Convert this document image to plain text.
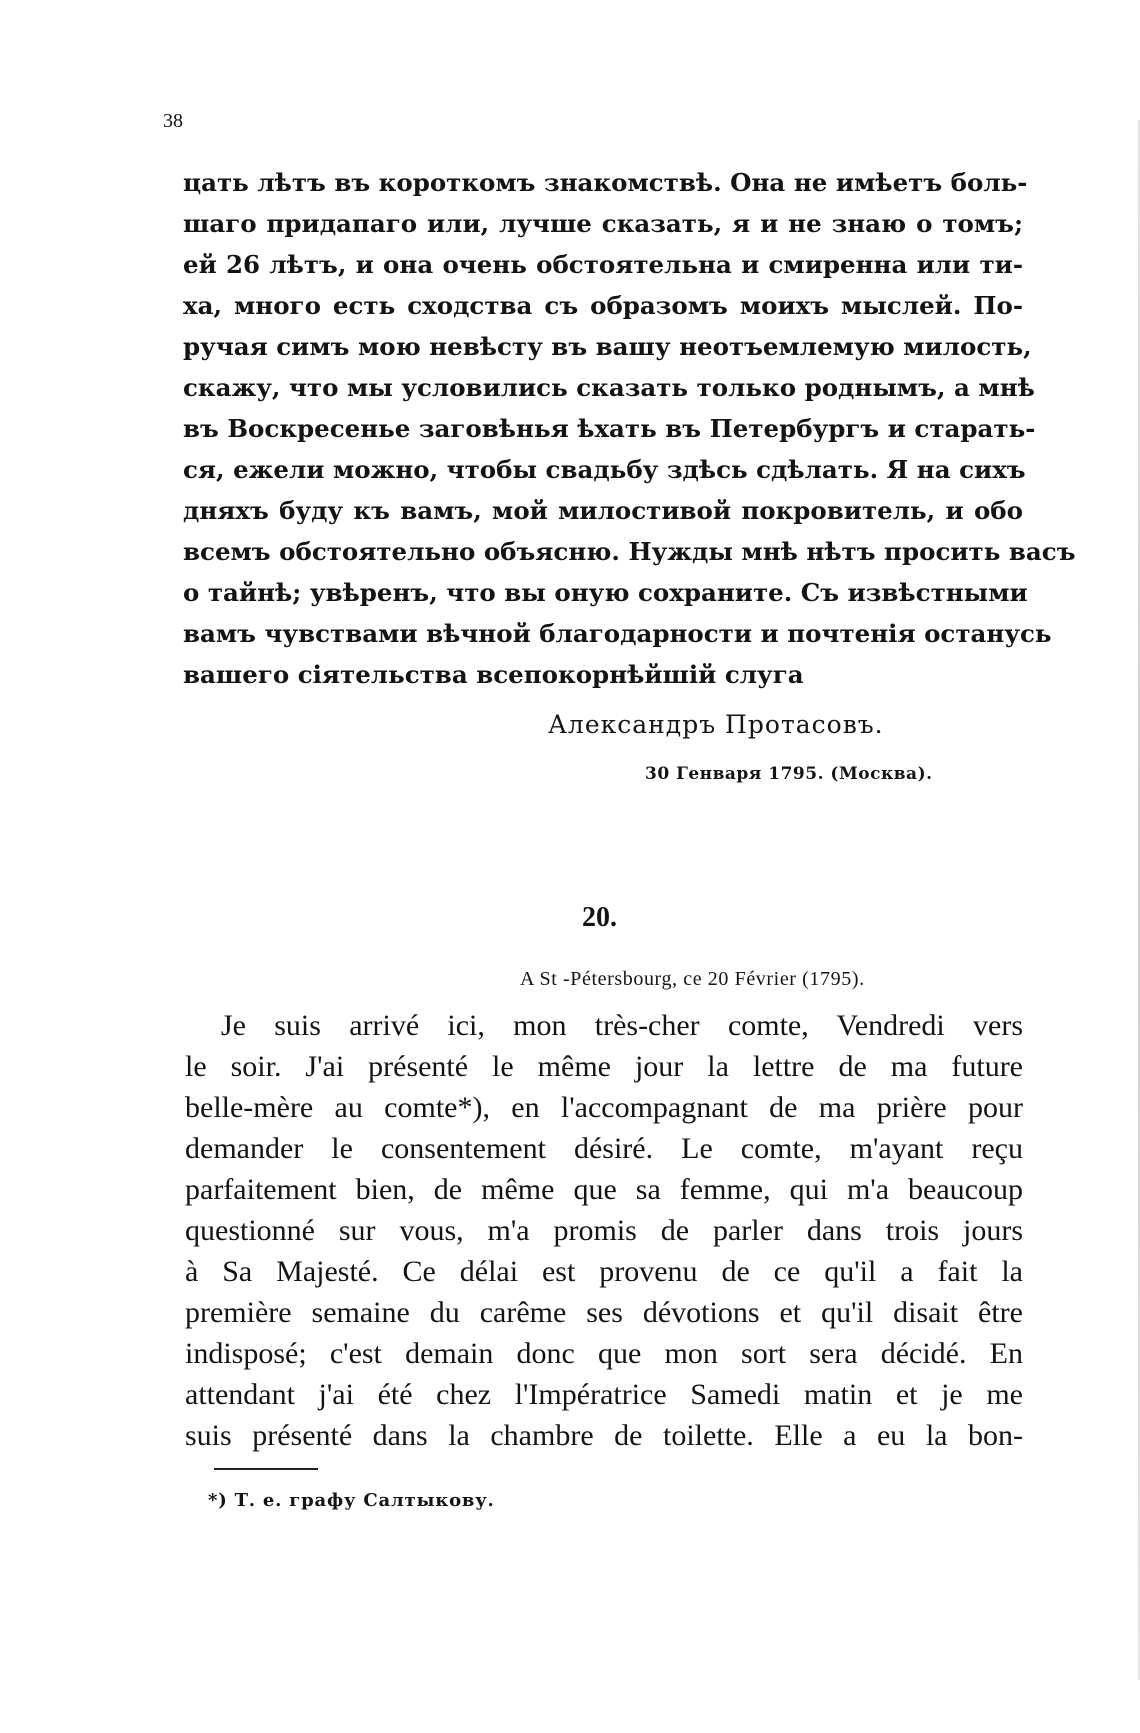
38
цать лѣтъ въ короткомъ знакомствѣ. Она не имѣетъ боль-
шаго придапаго или, лучше сказать, я и не знаю о томъ;
ей 26 лѣтъ, и она очень обстоятельна и смиренна или ти-
ха, много есть сходства съ образомъ моихъ мыслей. По-
ручая симъ мою невѣсту въ вашу неотъемлемую милость,
скажу, что мы условились сказать только роднымъ, а мнѣ
въ Воскресенье заговѣнья ѣхать въ Петербургъ и старать-
ся, ежели можно, чтобы свадьбу здѣсь сдѣлать. Я на сихъ
дняхъ буду къ вамъ, мой милостивой покровитель, и обо
всемъ обстоятельно объясню. Нужды мнѣ нѣтъ просить васъ
о тайнѣ; увѣренъ, что вы оную сохраните. Съ извѣстными
вамъ чувствами вѣчной благодарности и почтенія останусь
вашего сіятельства всепокорнѣйшій слуга
Александръ Протасовъ.
30 Генваря 1795. (Москва).
20.
A St -Pétersbourg, ce 20 Février (1795).
Je suis arrivé ici, mon très-cher comte, Vendredi vers
le soir. J'ai présenté le même jour la lettre de ma future
belle-mère au comte*), en l'accompagnant de ma prière pour
demander le consentement désiré. Le comte, m'ayant reçu
parfaitement bien, de même que sa femme, qui m'a beaucoup
questionné sur vous, m'a promis de parler dans trois jours
à Sa Majesté. Ce délai est provenu de ce qu'il a fait la
première semaine du carême ses dévotions et qu'il disait être
indisposé; c'est demain donc que mon sort sera décidé. En
attendant j'ai été chez l'Impératrice Samedi matin et je me
suis présenté dans la chambre de toilette. Elle a eu la bon-
*) Т. е. графу Салтыкову.
